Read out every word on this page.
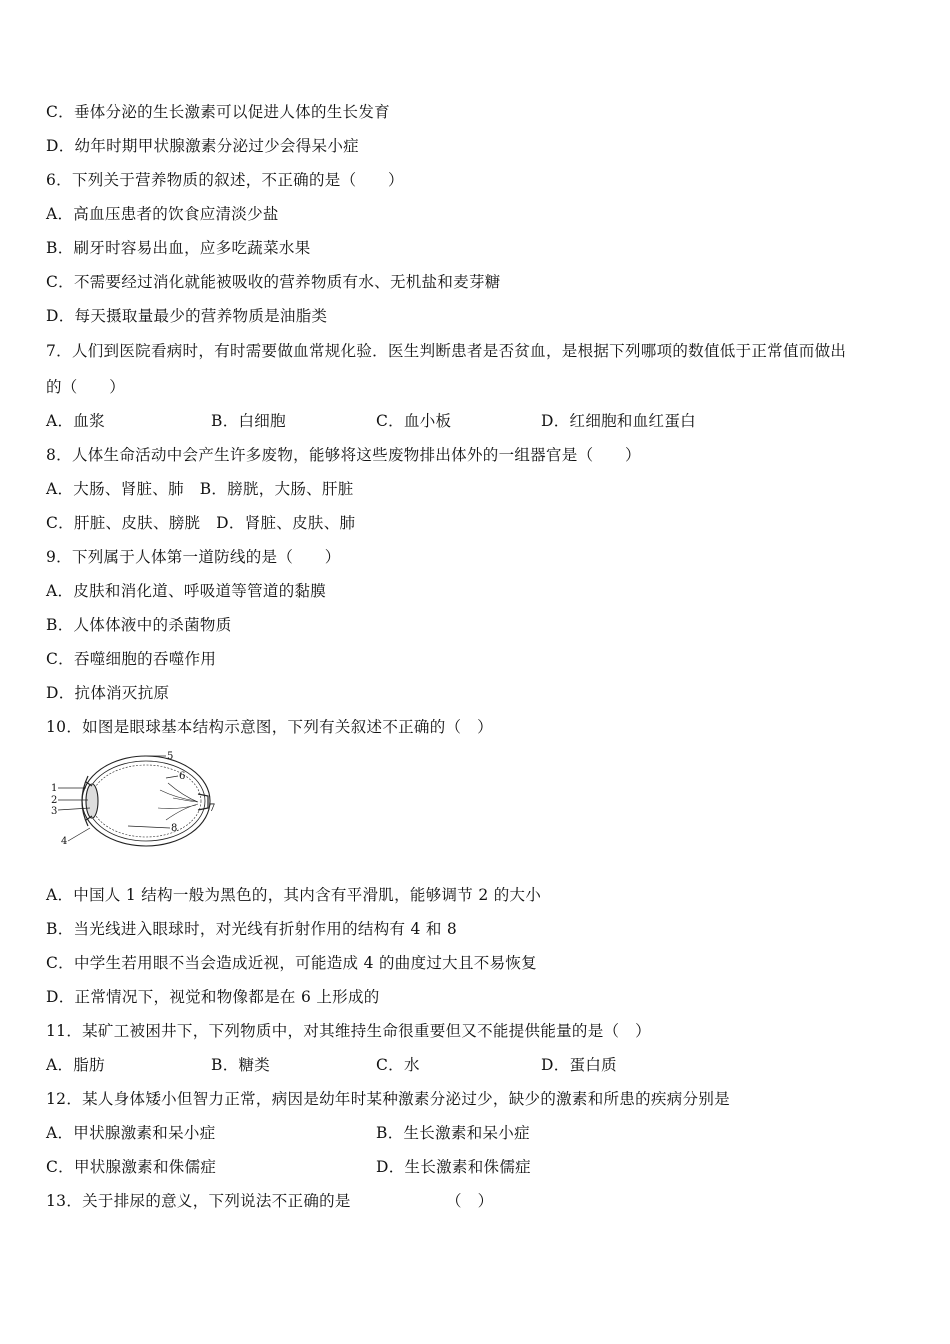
C．垂体分泌的生长激素可以促进人体的生长发育
D．幼年时期甲状腺激素分泌过少会得呆小症
6．下列关于营养物质的叙述，不正确的是（　　）
A．高血压患者的饮食应清淡少盐
B．刷牙时容易出血，应多吃蔬菜水果
C．不需要经过消化就能被吸收的营养物质有水、无机盐和麦芽糖
D．每天摄取量最少的营养物质是油脂类
7．人们到医院看病时，有时需要做血常规化验．医生判断患者是否贫血，是根据下列哪项的数值低于正常值而做出
的（　　）
A．血浆	B．白细胞	C．血小板	D．红细胞和血红蛋白
8．人体生命活动中会产生许多废物，能够将这些废物排出体外的一组器官是（　　）
A．大肠、肾脏、肺　B．膀胱，大肠、肝脏
C．肝脏、皮肤、膀胱　D．肾脏、皮肤、肺
9．下列属于人体第一道防线的是（　　）
A．皮肤和消化道、呼吸道等管道的黏膜
B．人体体液中的杀菌物质
C．吞噬细胞的吞噬作用
D．抗体消灭抗原
10．如图是眼球基本结构示意图，下列有关叙述不正确的（　）
1
2
3
4
5
6
7
8
A．中国人 1 结构一般为黑色的，其内含有平滑肌，能够调节 2 的大小
B．当光线进入眼球时，对光线有折射作用的结构有 4 和 8
C．中学生若用眼不当会造成近视，可能造成 4 的曲度过大且不易恢复
D．正常情况下，视觉和物像都是在 6 上形成的
11．某矿工被困井下，下列物质中，对其维持生命很重要但又不能提供能量的是（　）
A．脂肪	B．糖类	C．水	D．蛋白质
12．某人身体矮小但智力正常，病因是幼年时某种激素分泌过少，缺少的激素和所患的疾病分别是
A．甲状腺激素和呆小症	B．生长激素和呆小症
C．甲状腺激素和侏儒症	D．生长激素和侏儒症
13．关于排尿的意义，下列说法不正确的是	（　）
